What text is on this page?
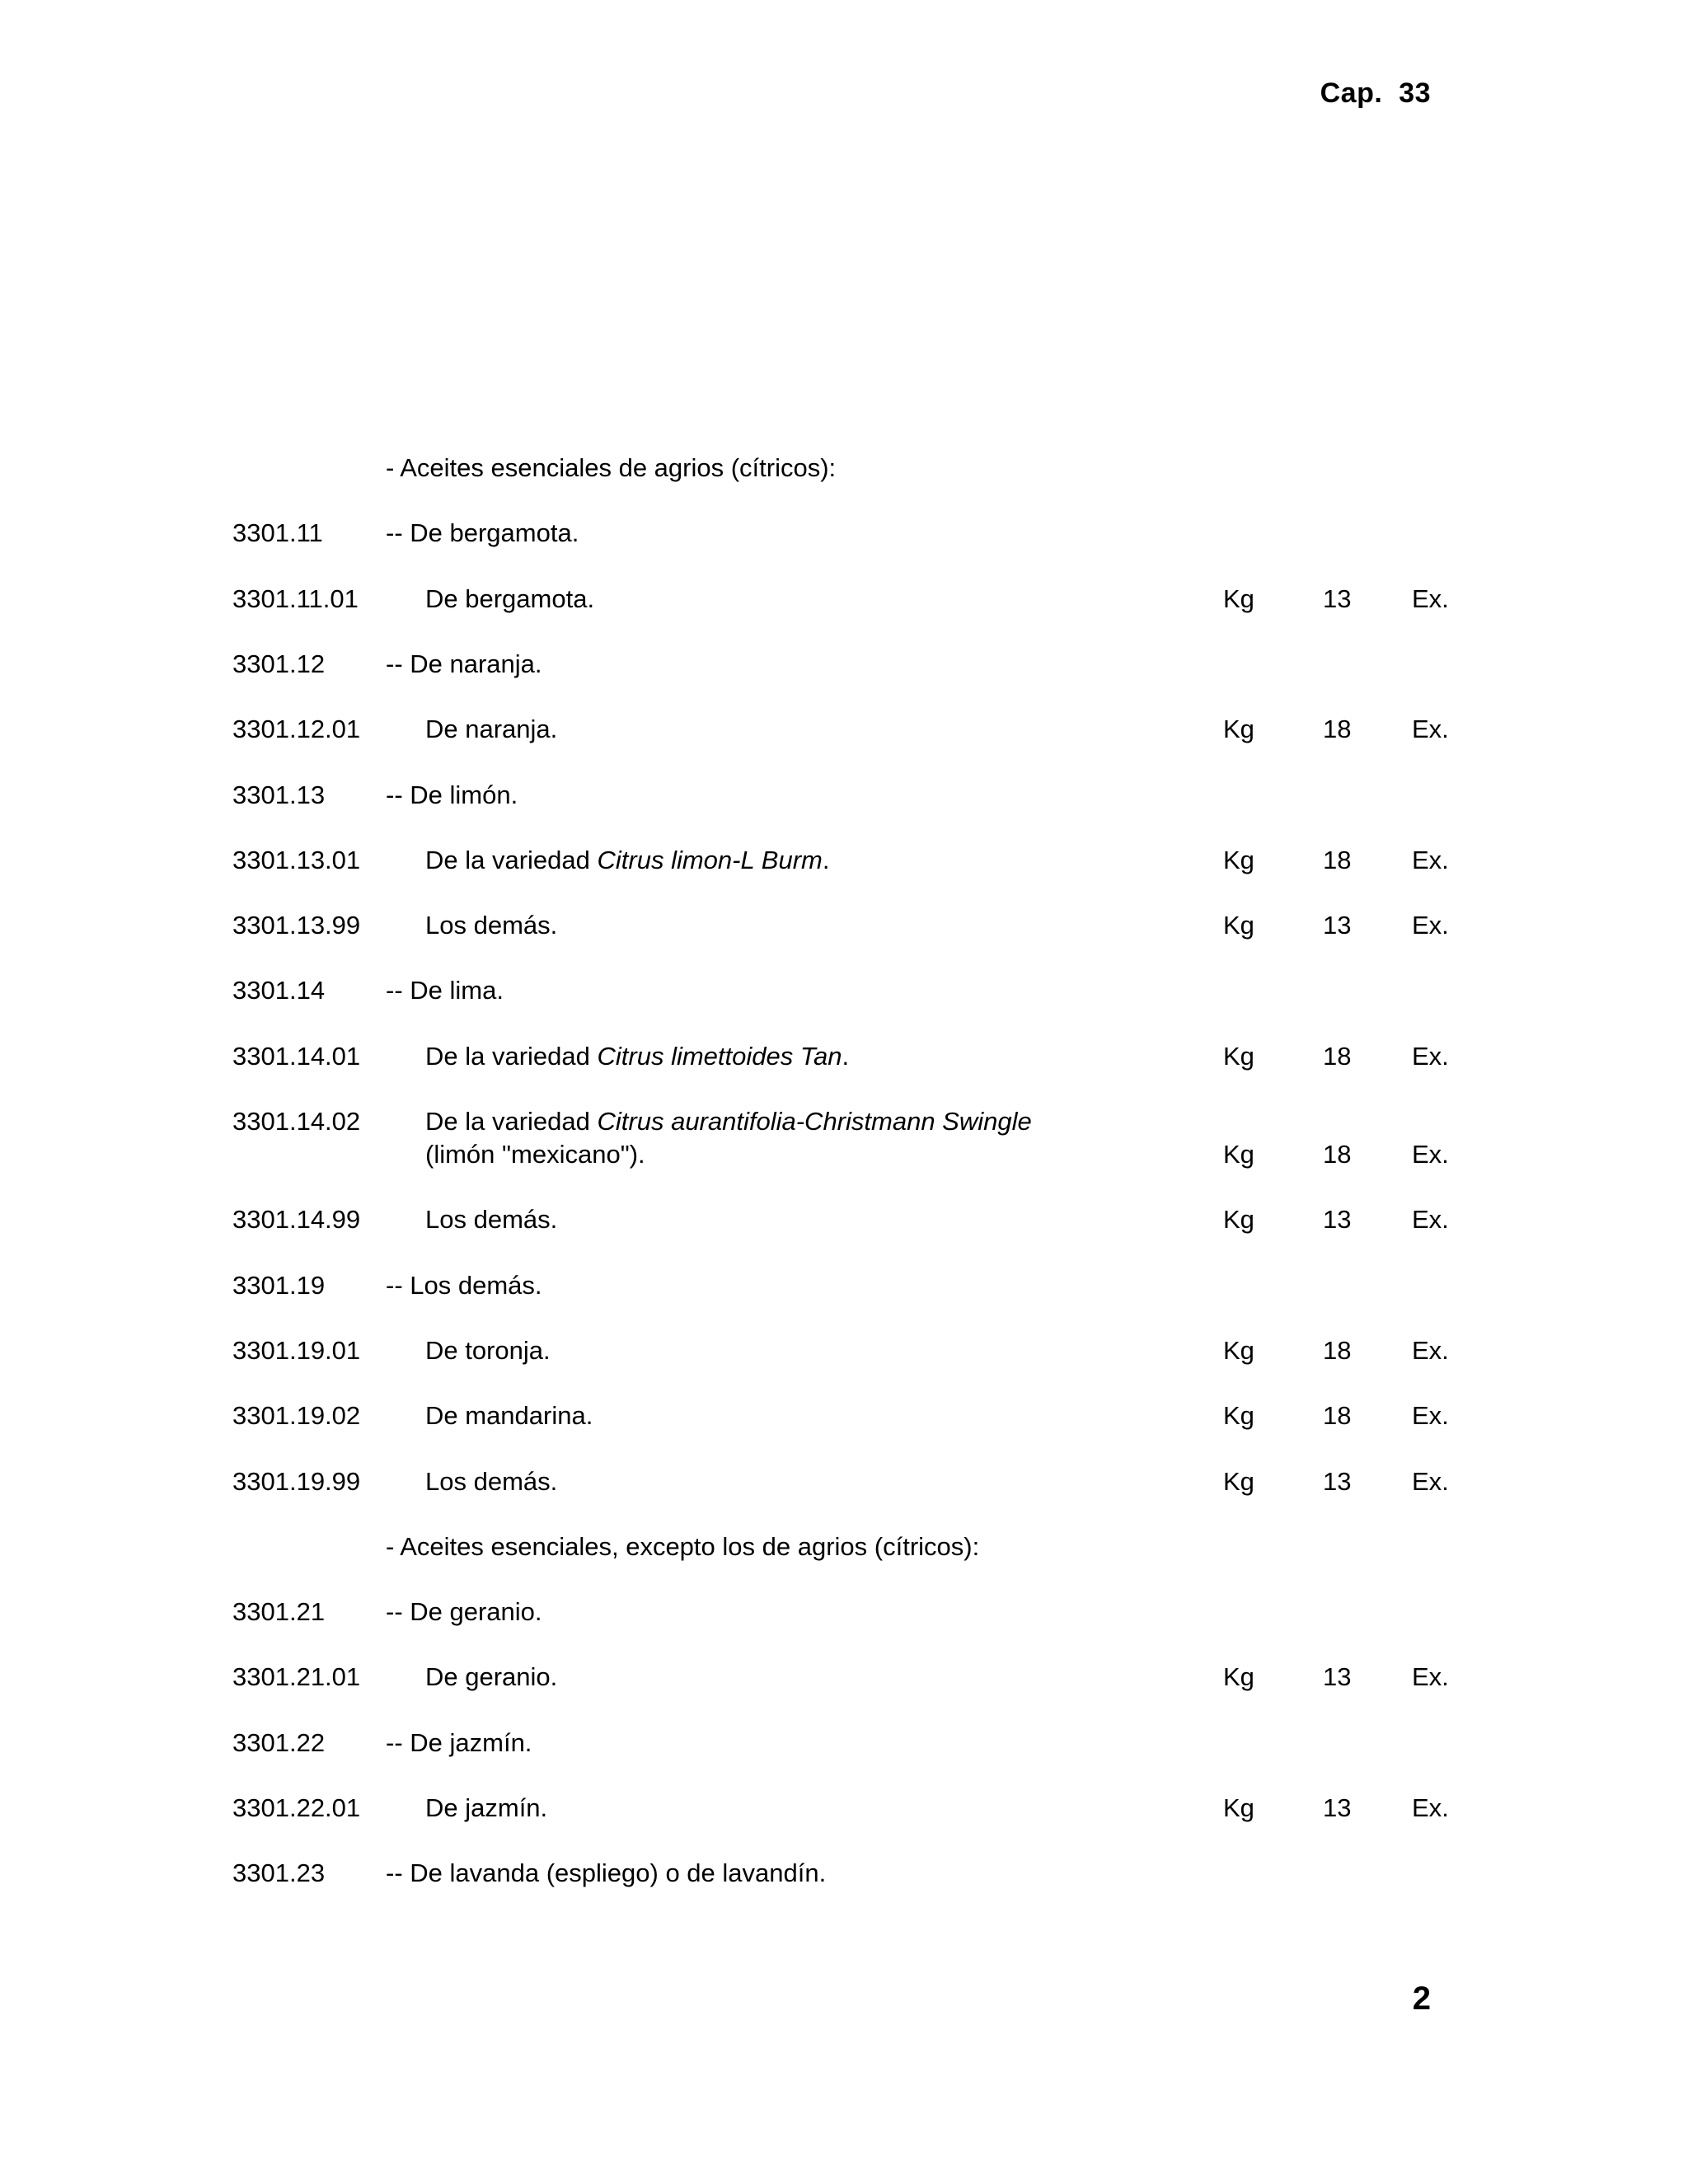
Cap.  33
- Aceites esenciales de agrios (cítricos):
3301.11 -- De bergamota.
3301.11.01	De bergamota.	Kg	13 Ex.
3301.12 -- De naranja.
3301.12.01	De naranja.	Kg	18 Ex.
3301.13 -- De limón.
3301.13.01	De la variedad Citrus limon-L Burm.	Kg	18 Ex.
3301.13.99	Los demás.	Kg	13 Ex.
3301.14 -- De lima.
3301.14.01	De la variedad Citrus limettoides Tan.	Kg	18 Ex.
3301.14.02	De la variedad Citrus aurantifolia-Christmann Swingle (limón "mexicano").	Kg	18 Ex.
3301.14.99	Los demás.	Kg	13 Ex.
3301.19 -- Los demás.
3301.19.01	De toronja.	Kg	18 Ex.
3301.19.02	De mandarina.	Kg	18 Ex.
3301.19.99	Los demás.	Kg	13 Ex.
- Aceites esenciales, excepto los de agrios (cítricos):
3301.21 -- De geranio.
3301.21.01	De geranio.	Kg	13 Ex.
3301.22 -- De jazmín.
3301.22.01	De jazmín.	Kg	13 Ex.
3301.23 -- De lavanda (espliego) o de lavandín.
2
